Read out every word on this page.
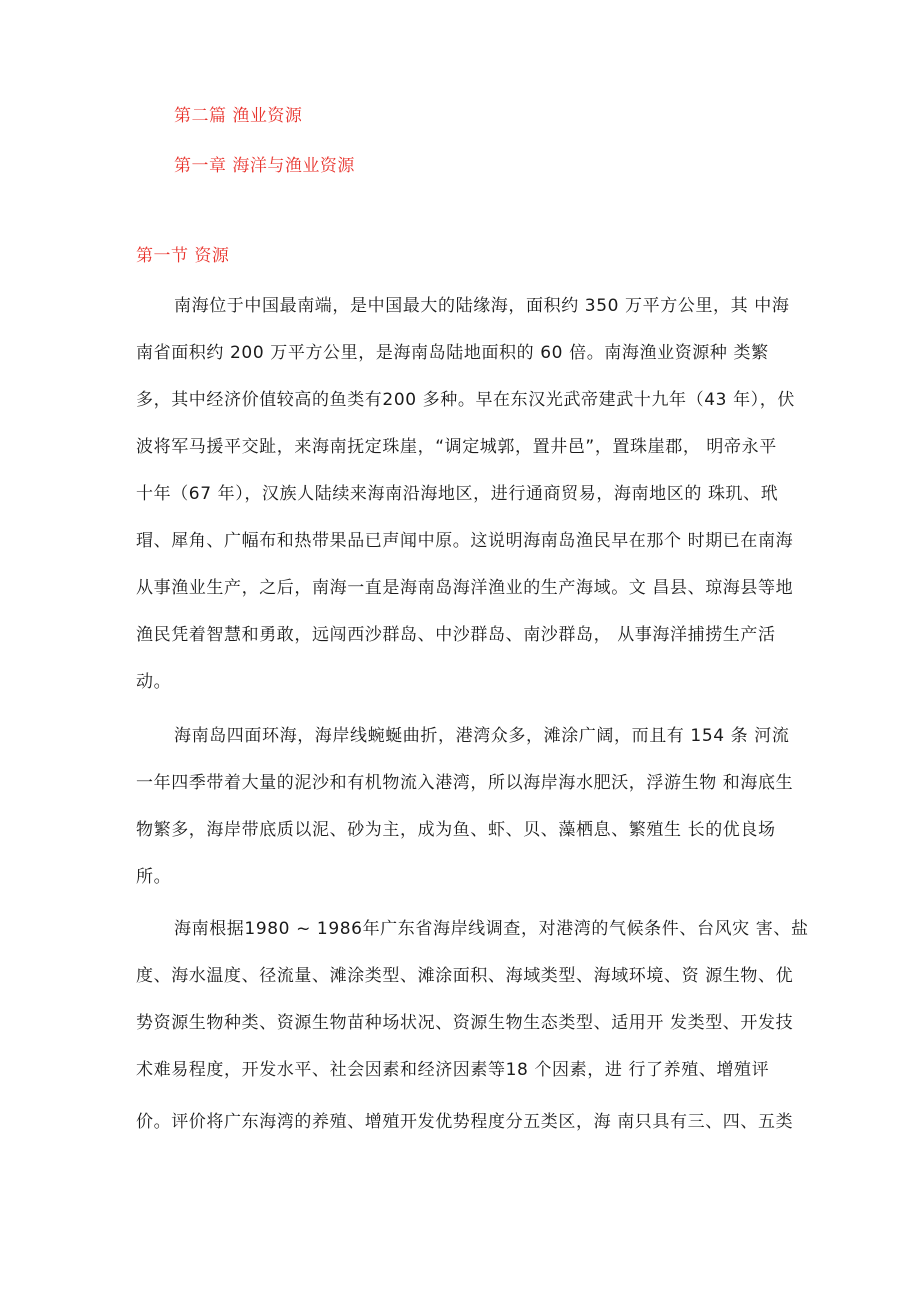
第二篇 渔业资源
第一章 海洋与渔业资源
第一节 资源
南海位于中国最南端，是中国最大的陆缘海，面积约 350 万平方公里，其 中海
南省面积约 200 万平方公里，是海南岛陆地面积的 60 倍。南海渔业资源种 类繁
多，其中经济价值较高的鱼类有200 多种。早在东汉光武帝建武十九年（43 年），伏
波将军马援平交趾，来海南抚定珠崖，“调定城郭，置井邑”，置珠崖郡， 明帝永平
十年（67 年），汉族人陆续来海南沿海地区，进行通商贸易，海南地区的 珠玑、玳
瑁、犀角、广幅布和热带果品已声闻中原。这说明海南岛渔民早在那个 时期已在南海
从事渔业生产，之后，南海一直是海南岛海洋渔业的生产海域。文 昌县、琼海县等地
渔民凭着智慧和勇敢，远闯西沙群岛、中沙群岛、南沙群岛， 从事海洋捕捞生产活
动。
海南岛四面环海，海岸线蜿蜒曲折，港湾众多，滩涂广阔，而且有 154 条 河流
一年四季带着大量的泥沙和有机物流入港湾，所以海岸海水肥沃，浮游生物 和海底生
物繁多，海岸带底质以泥、砂为主，成为鱼、虾、贝、藻栖息、繁殖生 长的优良场
所。
海南根据1980 ~ 1986年广东省海岸线调查，对港湾的气候条件、台风灾 害、盐
度、海水温度、径流量、滩涂类型、滩涂面积、海域类型、海域环境、资 源生物、优
势资源生物种类、资源生物苗种场状况、资源生物生态类型、适用开 发类型、开发技
术难易程度，开发水平、社会因素和经济因素等18 个因素，进 行了养殖、增殖评
价。评价将广东海湾的养殖、增殖开发优势程度分五类区，海 南只具有三、四、五类
